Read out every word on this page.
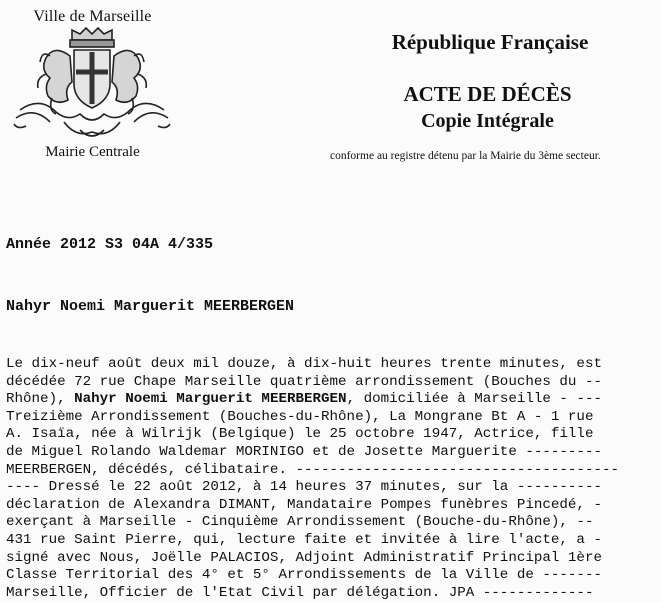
Ville de Marseille
Mairie Centrale
République Française
ACTE DE DÉCÈS
Copie Intégrale
conforme au registre détenu par la Mairie du 3ème secteur.
Année 2012 S3 04A 4/335
Nahyr Noemi Marguerit MEERBERGEN
Le dix-neuf août deux mil douze, à dix-huit heures trente minutes, est
décédée 72 rue Chape Marseille quatrième arrondissement (Bouches du --
Rhône), Nahyr Noemi Marguerit MEERBERGEN, domiciliée à Marseille - ---
Treizième Arrondissement (Bouches-du-Rhône), La Mongrane Bt A - 1 rue
A. Isaïa, née à Wilrijk (Belgique) le 25 octobre 1947, Actrice, fille
de Miguel Rolando Waldemar MORINIGO et de Josette Marguerite ---------
MEERBERGEN, décédés, célibataire. --------------------------------------
---- Dressé le 22 août 2012, à 14 heures 37 minutes, sur la ----------
déclaration de Alexandra DIMANT, Mandataire Pompes funèbres Pincedé, -
exerçant à Marseille - Cinquième Arrondissement (Bouche-du-Rhône), --
431 rue Saint Pierre, qui, lecture faite et invitée à lire l'acte, a -
signé avec Nous, Joëlle PALACIOS, Adjoint Administratif Principal 1ère
Classe Territorial des 4° et 5° Arrondissements de la Ville de -------
Marseille, Officier de l'Etat Civil par délégation. JPA -------------
